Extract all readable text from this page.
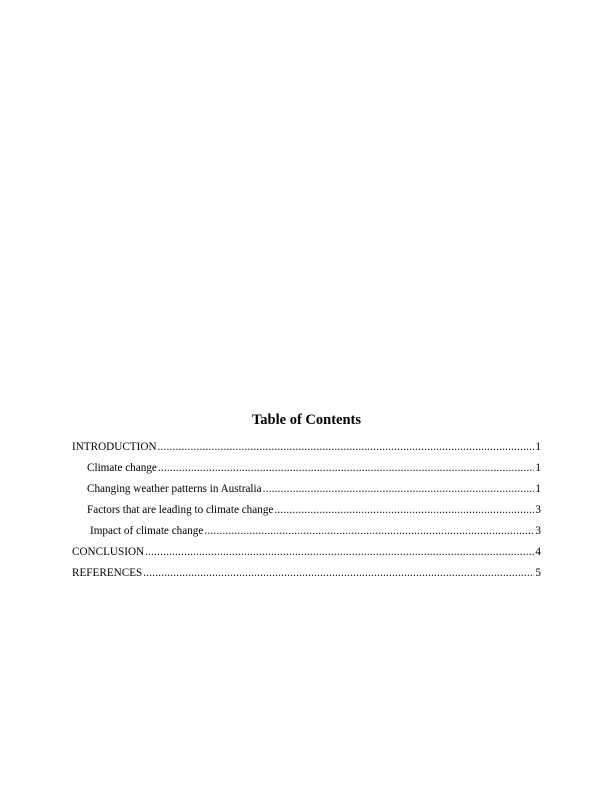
Table of Contents
INTRODUCTION .....	1
Climate change .....	1
Changing weather patterns in Australia .....	1
Factors that are leading to climate change .....	3
Impact of climate change .....	3
CONCLUSION .....	4
REFERENCES .....	5
